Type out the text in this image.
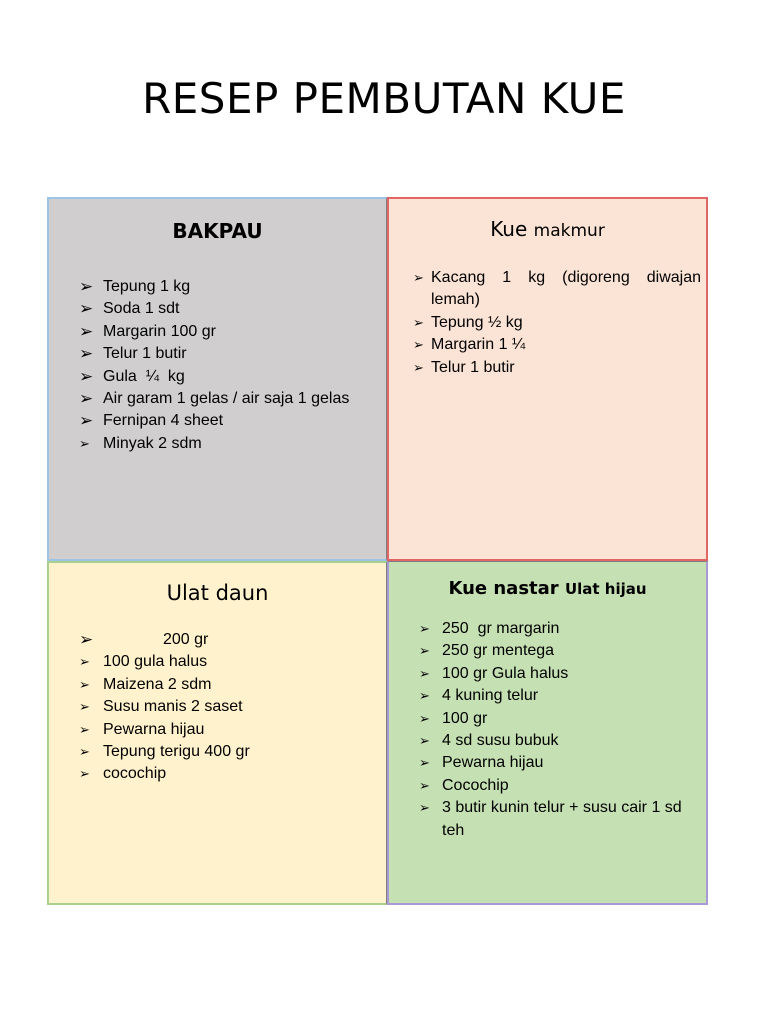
RESEP PEMBUTAN KUE
BAKPAU
➢ Tepung 1 kg
➢ Soda 1 sdt
➢ Margarin 100 gr
➢ Telur 1 butir
➢ Gula  ¼  kg
➢ Air garam 1 gelas / air saja 1 gelas
➢ Fernipan 4 sheet
➢ Minyak 2 sdm
Kue makmur
➢ Kacang 1 kg (digoreng diwajan lemah)
➢ Tepung ½ kg
➢ Margarin 1 ¼
➢ Telur 1 butir
Ulat daun
➢	200 gr
➢ 100 gula halus
➢ Maizena 2 sdm
➢ Susu manis 2 saset
➢ Pewarna hijau
➢ Tepung terigu 400 gr
➢ cocochip
Kue nastar Ulat hijau
➢ 250  gr margarin
➢ 250 gr mentega
➢ 100 gr Gula halus
➢ 4 kuning telur
➢ 100 gr
➢ 4 sd susu bubuk
➢ Pewarna hijau
➢ Cocochip
➢ 3 butir kunin telur + susu cair 1 sd teh
